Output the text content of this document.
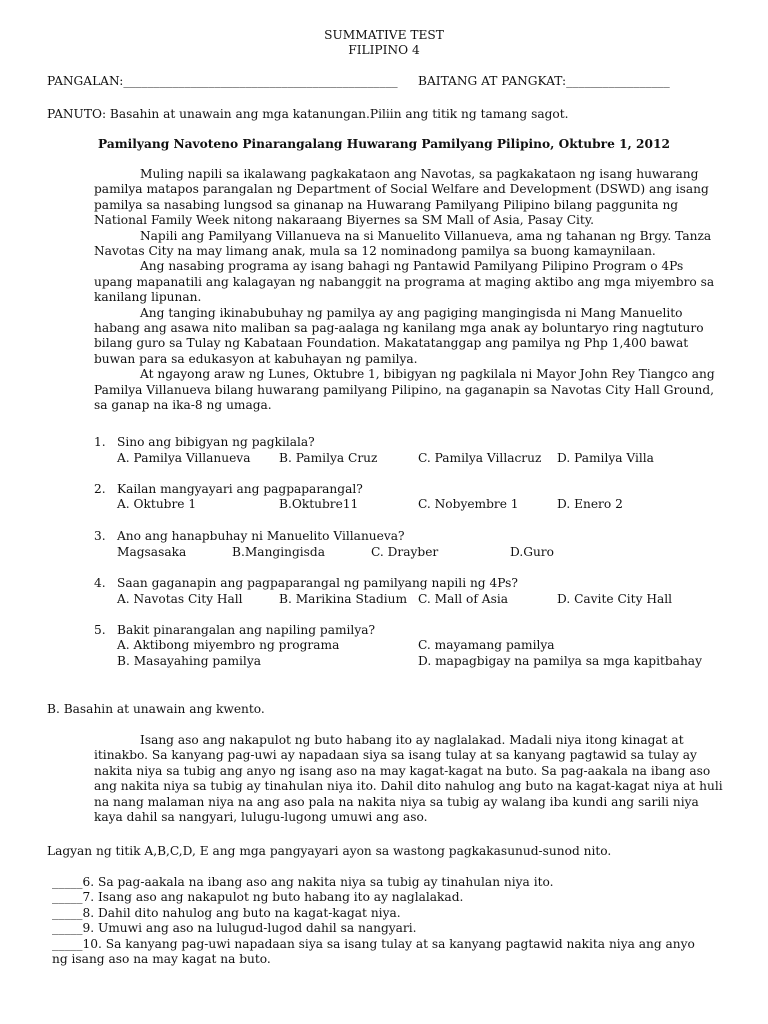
SUMMATIVE TEST
FILIPINO 4
PANGALAN:_____________________________________________ BAITANG AT PANGKAT:_________________
PANUTO: Basahin at unawain ang mga katanungan.Piliin ang titik ng tamang sagot.
Pamilyang Navoteno Pinarangalang Huwarang Pamilyang Pilipino, Oktubre 1, 2012

Muling napili sa ikalawang pagkakataon ang Navotas, sa pagkakataon ng isang huwarang pamilya matapos parangalan ng Department of Social Welfare and Development (DSWD) ang isang pamilya sa nasabing lungsod sa ginanap na Huwarang Pamilyang Pilipino bilang paggunita ng National Family Week nitong nakaraang Biyernes sa SM Mall of Asia, Pasay City.

Napili ang Pamilyang Villanueva na si Manuelito Villanueva, ama ng tahanan ng Brgy. Tanza Navotas City na may limang anak, mula sa 12 nominadong pamilya sa buong kamaynilaan.

Ang nasabing programa ay isang bahagi ng Pantawid Pamilyang Pilipino Program o 4Ps upang mapanatili ang kalagayan ng nabanggit na programa at maging aktibo ang mga miyembro sa kanilang lipunan.

Ang tanging ikinabubuhay ng pamilya ay ang pagiging mangingisda ni Mang Manuelito habang ang asawa nito maliban sa pag-aalaga ng kanilang mga anak ay boluntaryo ring nagtuturo bilang guro sa Tulay ng Kabataan Foundation. Makatatanggap ang pamilya ng Php 1,400 bawat buwan para sa edukasyon at kabuhayan ng pamilya.

At ngayong araw ng Lunes, Oktubre 1, bibigyan ng pagkilala ni Mayor John Rey Tiangco ang Pamilya Villanueva bilang huwarang pamilyang Pilipino, na gaganapin sa Navotas City Hall Ground, sa ganap na ika-8 ng umaga.

1. Sino ang bibigyan ng pagkilala?
A. Pamilya Villanueva B. Pamilya Cruz	C. Pamilya Villacruz D. Pamilya Villa
2. Kailan mangyayari ang pagpaparangal?
A. Oktubre 1	B.Oktubre11	C. Nobyembre 1	D. Enero 2
3. Ano ang hanapbuhay ni Manuelito Villanueva?
Magsasaka	B.Mangingisda	C. Drayber	D.Guro
4. Saan gaganapin ang pagpaparangal ng pamilyang napili ng 4Ps?
A. Navotas City Hall	B. Marikina Stadium C. Mall of Asia	D. Cavite City Hall
5. Bakit pinarangalan ang napiling pamilya?
A. Aktibong miyembro ng programa	C. mayamang pamilya
B. Masayahing pamilya	D. mapagbigay na pamilya sa mga kapitbahay
B. Basahin at unawain ang kwento.

Isang aso ang nakapulot ng buto habang ito ay naglalakad. Madali niya itong kinagat at itinakbo. Sa kanyang pag-uwi ay napadaan siya sa isang tulay at sa kanyang pagtawid sa tulay ay nakita niya sa tubig ang anyo ng isang aso na may kagat-kagat na buto. Sa pag-aakala na ibang aso ang nakita niya sa tubig ay tinahulan niya ito. Dahil dito nahulog ang buto na kagat-kagat niya at huli na nang malaman niya na ang aso pala na nakita niya sa tubig ay walang iba kundi ang sarili niya kaya dahil sa nangyari, lulugu-lugong umuwi ang aso.

Lagyan ng titik A,B,C,D, E ang mga pangyayari ayon sa wastong pagkakasunud-sunod nito.
_____6. Sa pag-aakala na ibang aso ang nakita niya sa tubig ay tinahulan niya ito.
_____7. Isang aso ang nakapulot ng buto habang ito ay naglalakad.
_____8. Dahil dito nahulog ang buto na kagat-kagat niya.
_____9. Umuwi ang aso na lulugud-lugod dahil sa nangyari.
_____10. Sa kanyang pag-uwi napadaan siya sa isang tulay at sa kanyang pagtawid nakita niya ang anyo ng isang aso na may kagat na buto.
